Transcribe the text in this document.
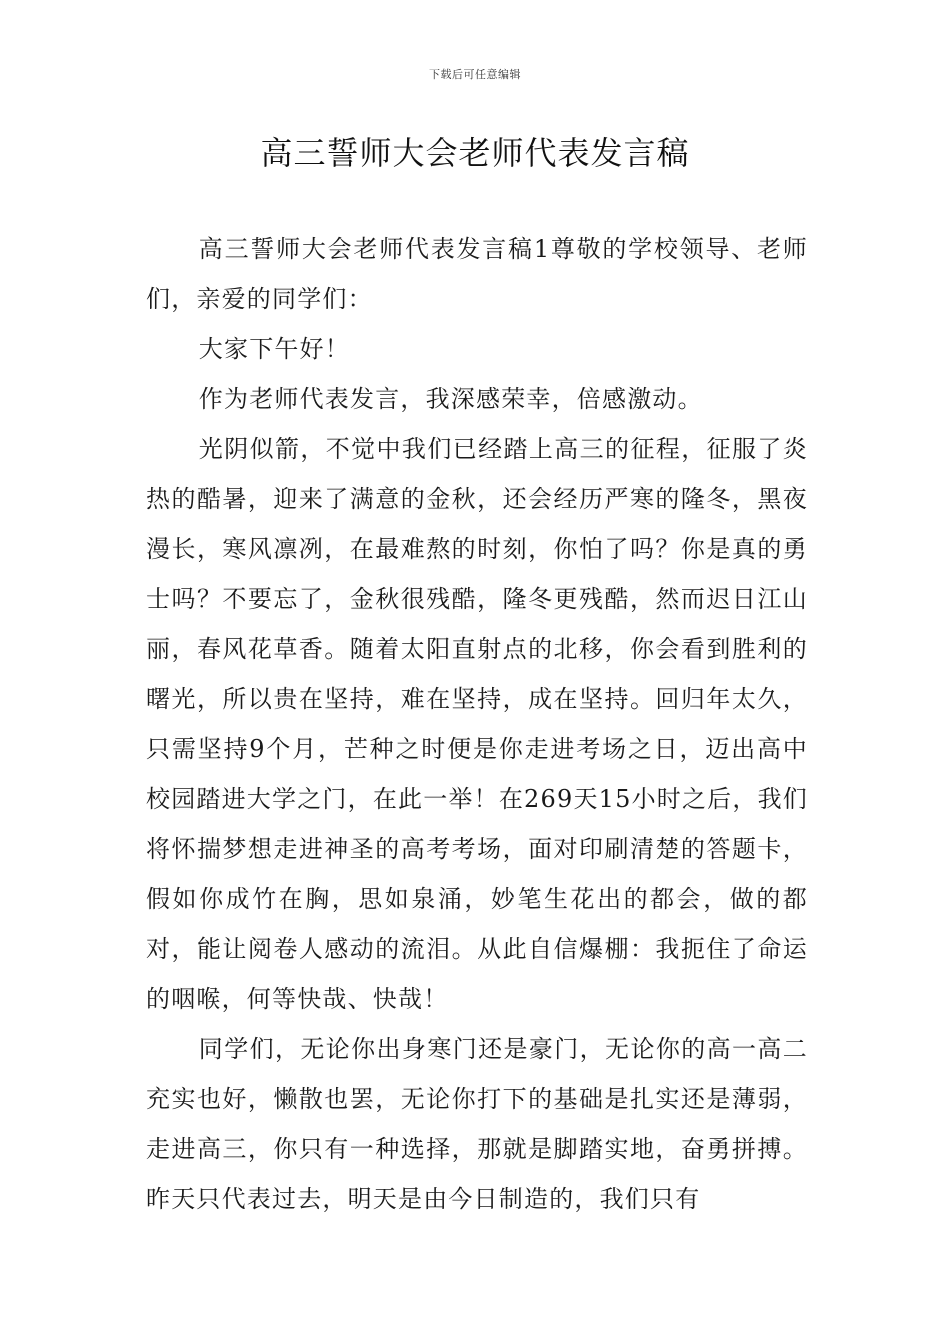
下载后可任意编辑
高三誓师大会老师代表发言稿

高三誓师大会老师代表发言稿1尊敬的学校领导、老师们，亲爱的同学们：

大家下午好！

作为老师代表发言，我深感荣幸，倍感激动。

光阴似箭，不觉中我们已经踏上高三的征程，征服了炎热的酷暑，迎来了满意的金秋，还会经历严寒的隆冬，黑夜漫长，寒风凛冽，在最难熬的时刻，你怕了吗？你是真的勇士吗？不要忘了，金秋很残酷，隆冬更残酷，然而迟日江山丽，春风花草香。随着太阳直射点的北移，你会看到胜利的曙光，所以贵在坚持，难在坚持，成在坚持。回归年太久，只需坚持9个月，芒种之时便是你走进考场之日，迈出高中校园踏进大学之门，在此一举！在269天15小时之后，我们将怀揣梦想走进神圣的高考考场，面对印刷清楚的答题卡，假如你成竹在胸，思如泉涌，妙笔生花出的都会，做的都对，能让阅卷人感动的流泪。从此自信爆棚：我扼住了命运的咽喉，何等快哉、快哉！

同学们，无论你出身寒门还是豪门，无论你的高一高二充实也好，懒散也罢，无论你打下的基础是扎实还是薄弱，走进高三，你只有一种选择，那就是脚踏实地，奋勇拼搏。昨天只代表过去，明天是由今日制造的，我们只有
